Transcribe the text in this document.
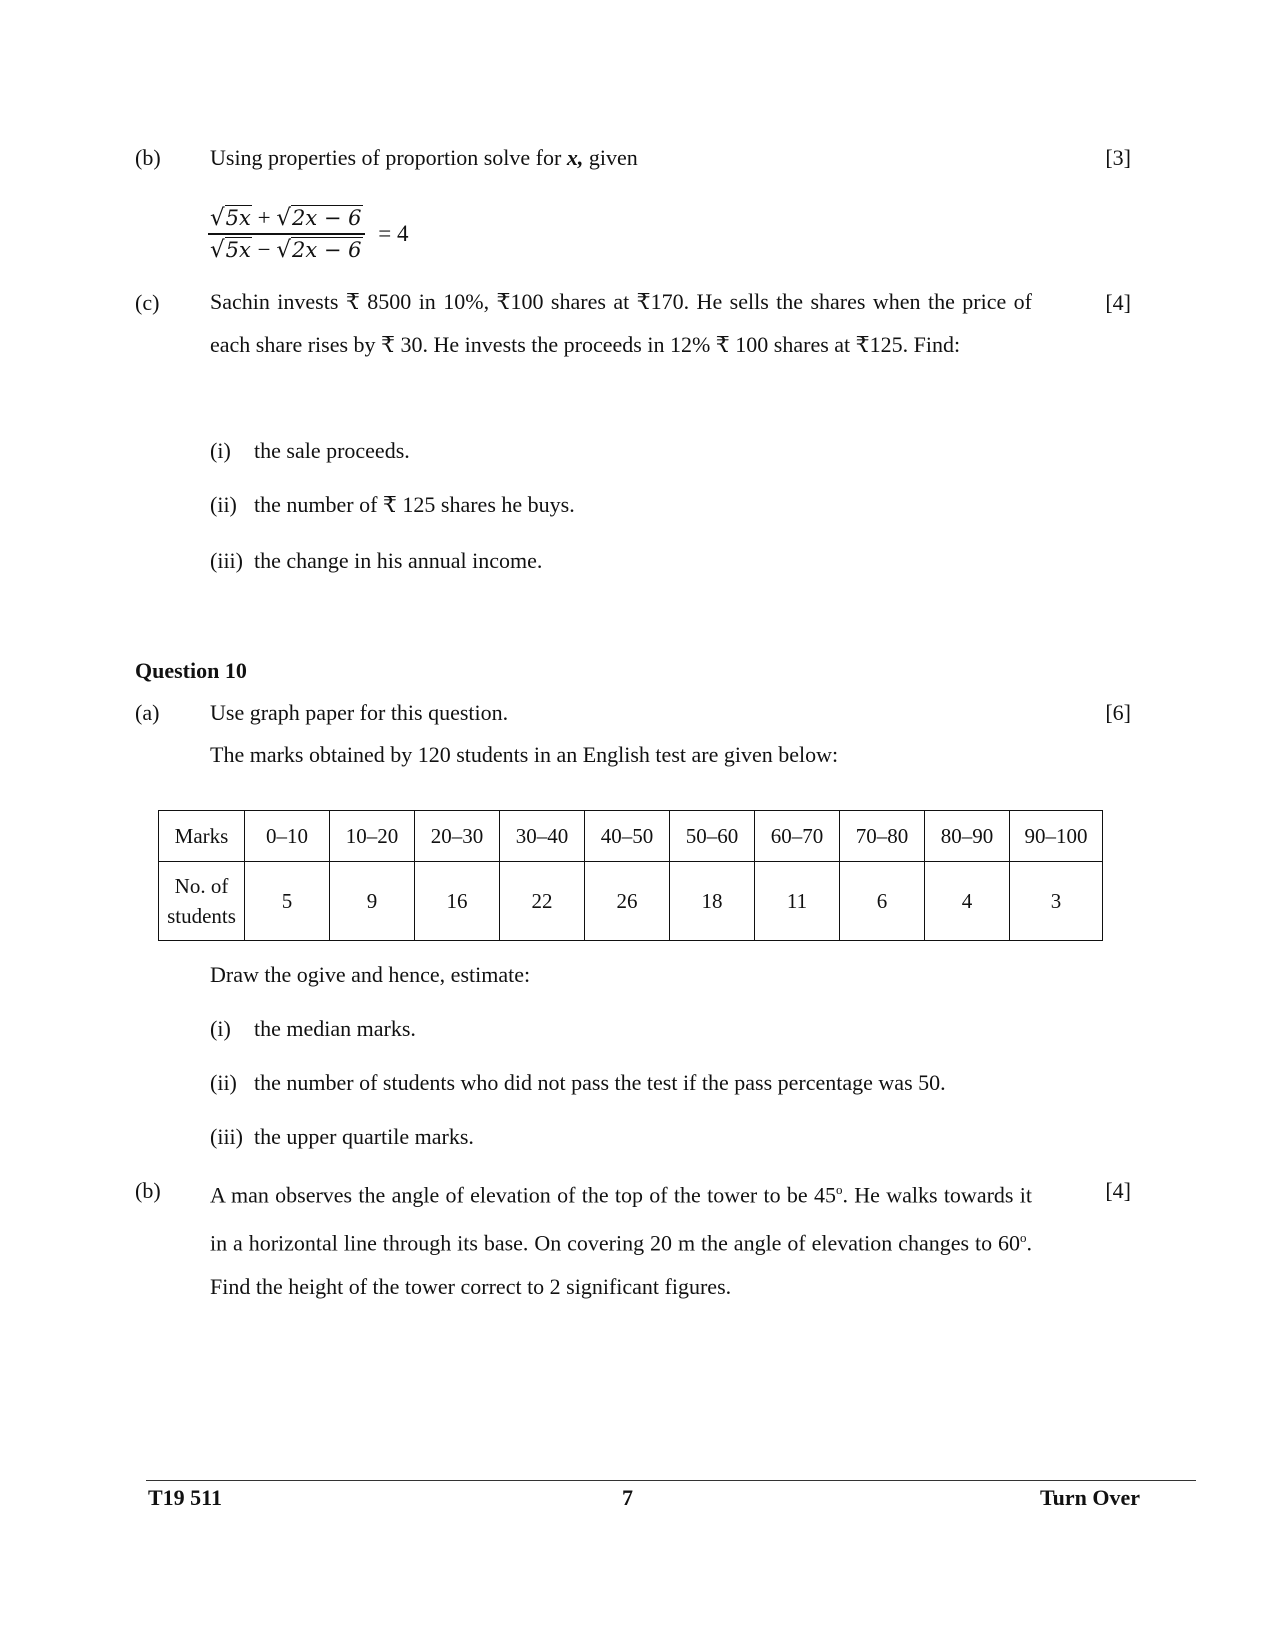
(b) Using properties of proportion solve for x, given	[3]
$\frac{√5x + √2x - 6}{√5x - √2x - 6} = 4$
(c) Sachin invests ₹ 8500 in 10%, ₹100 shares at ₹170. He sells the shares when the price of each share rises by ₹ 30. He invests the proceeds in 12% ₹ 100 shares at ₹125. Find:
[4]
(i) the sale proceeds.
(ii) the number of ₹ 125 shares he buys.
(iii) the change in his annual income.
Question 10
(a) Use graph paper for this question.	[6]
The marks obtained by 120 students in an English test are given below:
Marks	0–10	10–20	20–30	30–40	40–50	50–60	60–70	70–80	80–90	90–100
No. of
students	5	9	16	22	26	18	11	6	4	3
Draw the ogive and hence, estimate:
(i) the median marks.
(ii) the number of students who did not pass the test if the pass percentage was 50.
(iii) the upper quartile marks.
(b) A man observes the angle of elevation of the top of the tower to be 45$^o$. He walks towards it in a horizontal line through its base. On covering 20 m the angle of elevation changes to 60$^o$. Find the height of the tower correct to 2 significant figures.
[4]
T19 511	7	Turn Over
